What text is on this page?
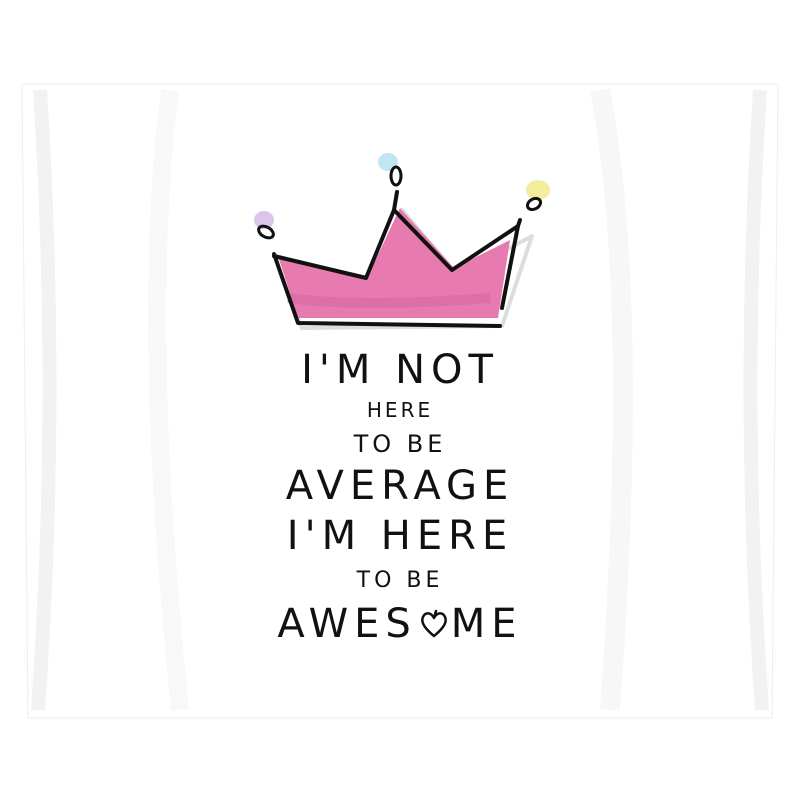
I'M NOT
HERE
TO BE
AVERAGE
I'M HERE
TO BE
AWES ME
